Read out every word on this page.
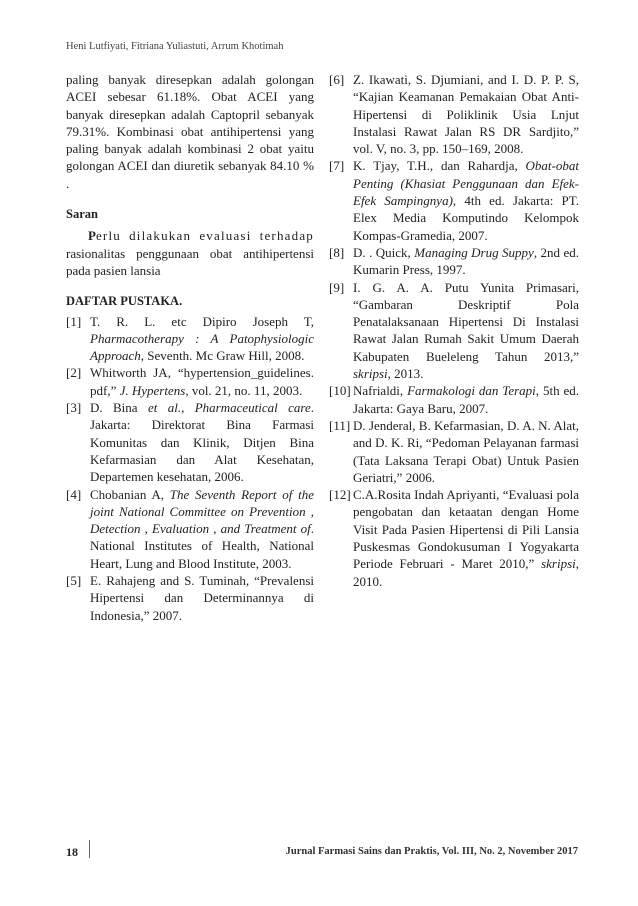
Heni Lutfiyati, Fitriana Yuliastuti, Arrum Khotimah

paling banyak diresepkan adalah golongan ACEI sebesar 61.18%. Obat ACEI yang banyak diresepkan adalah Captopril sebanyak 79.31%. Kombinasi obat antihipertensi yang paling banyak adalah kombinasi 2 obat yaitu golongan ACEI dan diuretik sebanyak 84.10 % .

Saran

Perlu dilakukan evaluasi terhadap rasionalitas penggunaan obat antihipertensi pada pasien lansia

DAFTAR PUSTAKA.
[1] T. R. L. etc Dipiro Joseph T, Pharmacotherapy : A Patophysiologic Approach, Seventh. Mc Graw Hill, 2008.
[2] Whitworth JA, “hypertension_guidelines. pdf,” J. Hypertens, vol. 21, no. 11, 2003.
[3] D. Bina et al., Pharmaceutical care. Jakarta: Direktorat Bina Farmasi Komunitas dan Klinik, Ditjen Bina Kefarmasian dan Alat Kesehatan, Departemen kesehatan, 2006.
[4] Chobanian A, The Seventh Report of the joint National Committee on Prevention , Detection , Evaluation , and Treatment of. National Institutes of Health, National Heart, Lung and Blood Institute, 2003.
[5] E. Rahajeng and S. Tuminah, “Prevalensi Hipertensi dan Determinannya di Indonesia,” 2007.
[6] Z. Ikawati, S. Djumiani, and I. D. P. P. S, “Kajian Keamanan Pemakaian Obat Anti-Hipertensi di Poliklinik Usia Lnjut Instalasi Rawat Jalan RS DR Sardjito,” vol. V, no. 3, pp. 150–169, 2008.
[7] K. Tjay, T.H., dan Rahardja, Obat-obat Penting (Khasiat Penggunaan dan Efek-Efek Sampingnya), 4th ed. Jakarta: PT. Elex Media Komputindo Kelompok Kompas-Gramedia, 2007.
[8] D. . Quick, Managing Drug Suppy, 2nd ed. Kumarin Press, 1997.
[9] I. G. A. A. Putu Yunita Primasari, “Gambaran Deskriptif Pola Penatalaksanaan Hipertensi Di Instalasi Rawat Jalan Rumah Sakit Umum Daerah Kabupaten Bueleleng Tahun 2013,” skripsi, 2013.
[10] Nafrialdi, Farmakologi dan Terapi, 5th ed. Jakarta: Gaya Baru, 2007.
[11] D. Jenderal, B. Kefarmasian, D. A. N. Alat, and D. K. Ri, “Pedoman Pelayanan farmasi (Tata Laksana Terapi Obat) Untuk Pasien Geriatri,” 2006.
[12] C.A.Rosita Indah Apriyanti, “Evaluasi pola pengobatan dan ketaatan dengan Home Visit Pada Pasien Hipertensi di Pili Lansia Puskesmas Gondokusuman I Yogyakarta Periode Februari - Maret 2010,” skripsi, 2010.
18	Jurnal Farmasi Sains dan Praktis, Vol. III, No. 2, November 2017
